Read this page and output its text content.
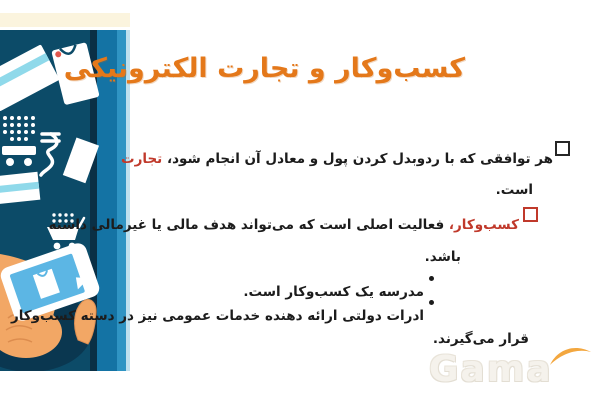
کسب‌وکار و تجارت الکترونیکی

هر توافقی که با ردوبدل کردن پول و معادل آن انجام شود، تجارت

است.

کسب‌وکار، فعالیت اصلی است که می‌تواند هدف مالی یا غیرمالی داشته

باشد.

مدرسه یک کسب‌وکار است.

ادرات دولتی ارائه دهنده خدمات عمومی نیز در دسته کسب‌وکار

قرار می‌گیرند.

Gama
